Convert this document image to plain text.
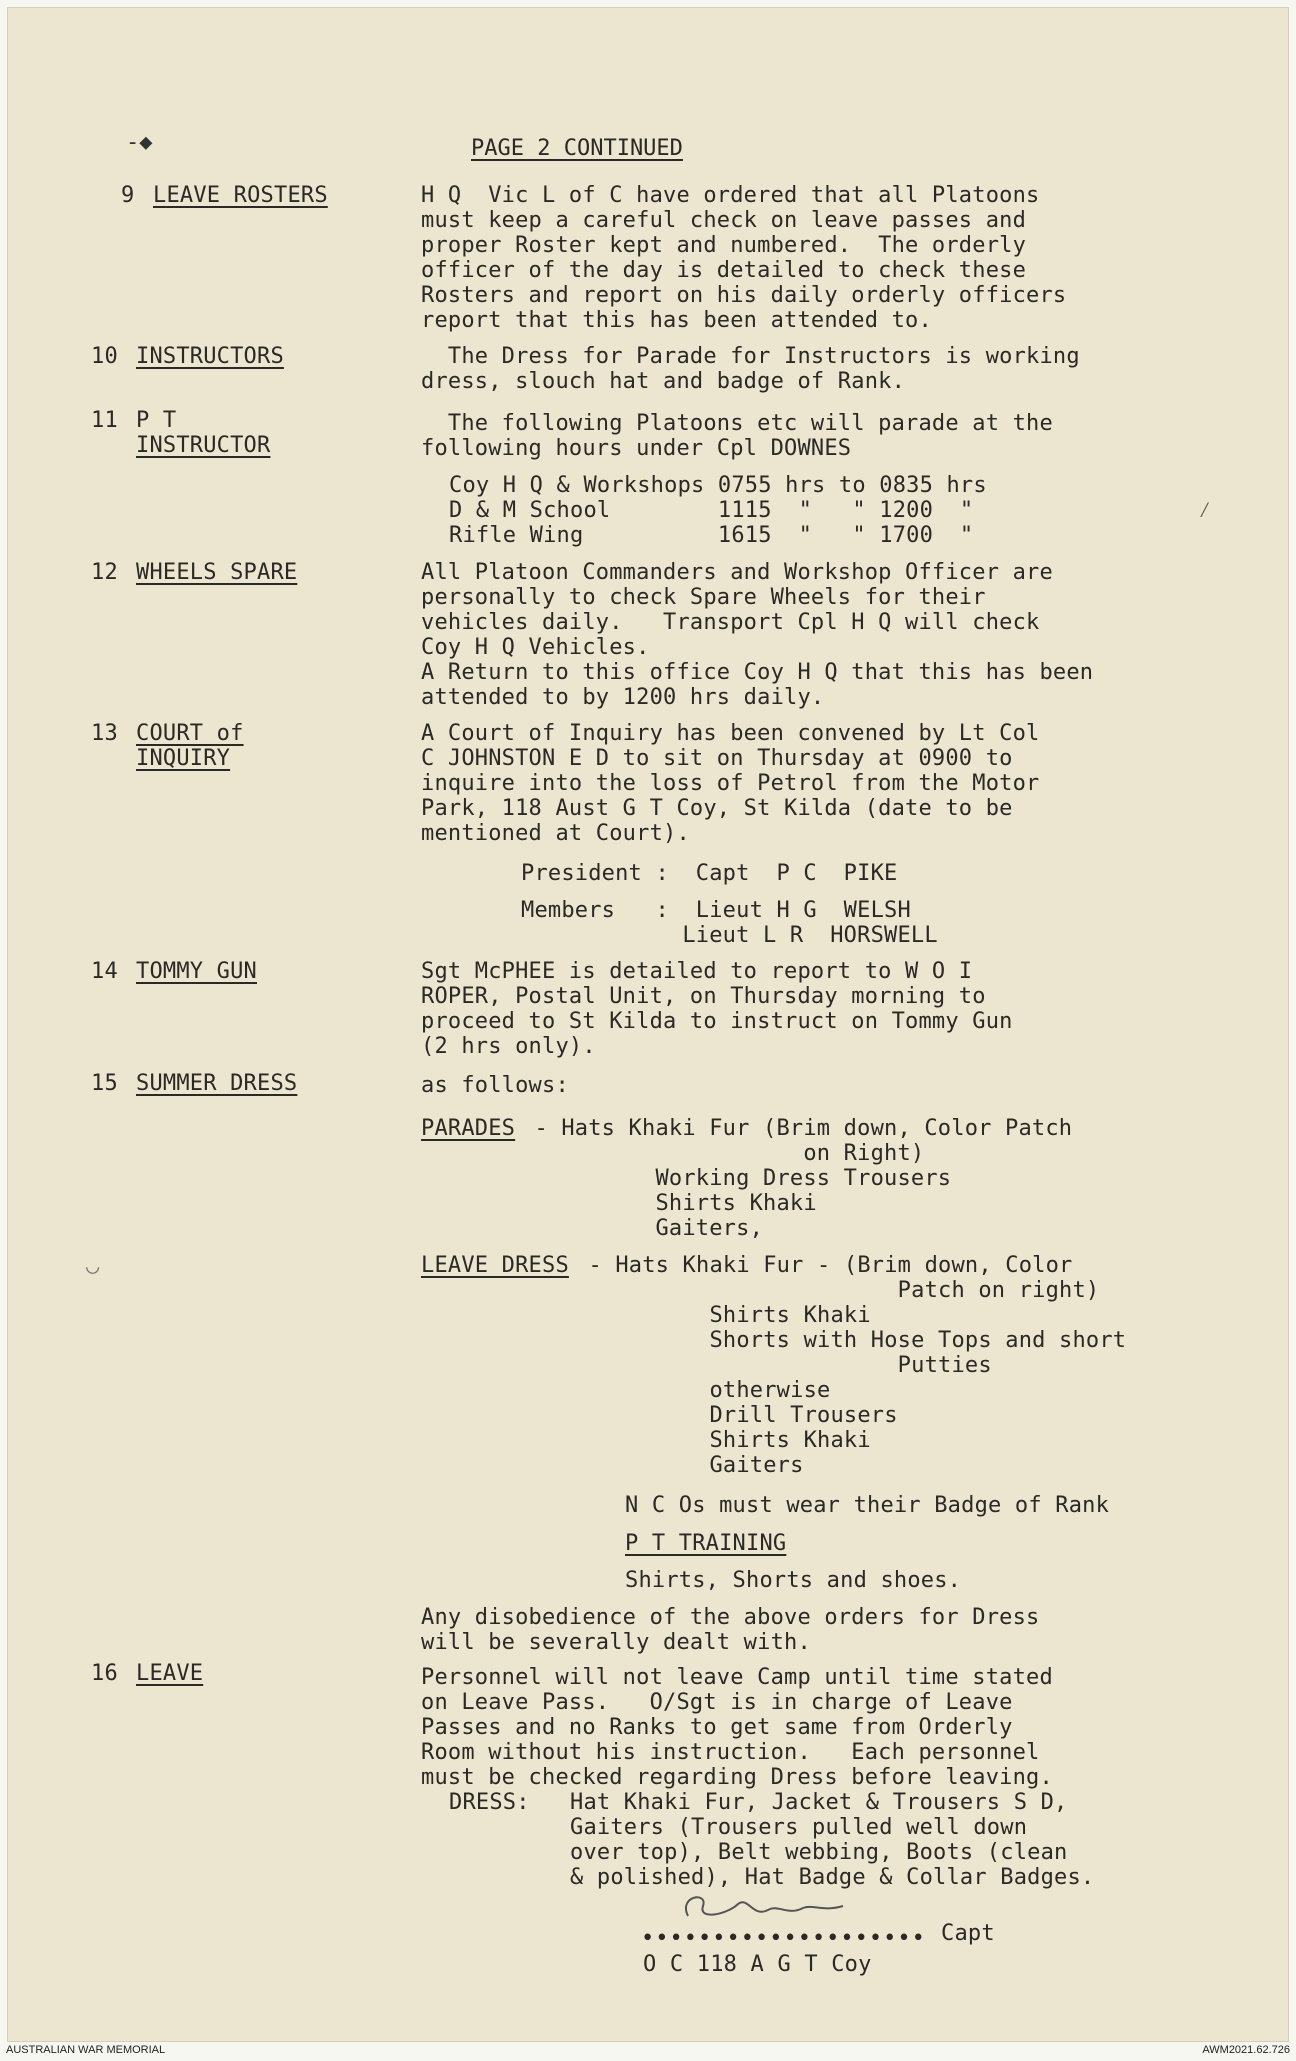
-◆	PAGE 2 CONTINUED
9 LEAVE ROSTERS	H Q  Vic L of C have ordered that all Platoons
must keep a careful check on leave passes and
proper Roster kept and numbered.  The orderly
officer of the day is detailed to check these
Rosters and report on his daily orderly officers
report that this has been attended to.
10 INSTRUCTORS	The Dress for Parade for Instructors is working
dress, slouch hat and badge of Rank.
11 P T
INSTRUCTOR
The following Platoons etc will parade at the
following hours under Cpl DOWNES
Coy H Q & Workshops 0755 hrs to 0835 hrs
D & M School        1115  "   " 1200  "
Rifle Wing          1615  "   " 1700  "
12 WHEELS SPARE	All Platoon Commanders and Workshop Officer are
personally to check Spare Wheels for their
vehicles daily.   Transport Cpl H Q will check
Coy H Q Vehicles.
A Return to this office Coy H Q that this has been
attended to by 1200 hrs daily.
13 COURT of
INQUIRY
A Court of Inquiry has been convened by Lt Col
C JOHNSTON E D to sit on Thursday at 0900 to
inquire into the loss of Petrol from the Motor
Park, 118 Aust G T Coy, St Kilda (date to be
mentioned at Court).
President :  Capt  P C  PIKE
Members   :  Lieut H G  WELSH
Lieut L R  HORSWELL
14 TOMMY GUN	Sgt McPHEE is detailed to report to W O I
ROPER, Postal Unit, on Thursday morning to
proceed to St Kilda to instruct on Tommy Gun
(2 hrs only).
15 SUMMER DRESS	as follows:
PARADES - Hats Khaki Fur (Brim down, Color Patch
on Right)
Working Dress Trousers
Shirts Khaki
Gaiters,
LEAVE DRESS - Hats Khaki Fur - (Brim down, Color
Patch on right)
Shirts Khaki
Shorts with Hose Tops and short
Putties
otherwise
Drill Trousers
Shirts Khaki
Gaiters
N C Os must wear their Badge of Rank
P T TRAINING
Shirts, Shorts and shoes.
Any disobedience of the above orders for Dress
will be severally dealt with.
16 LEAVE	Personnel will not leave Camp until time stated
on Leave Pass.   O/Sgt is in charge of Leave
Passes and no Ranks to get same from Orderly
Room without his instruction.   Each personnel
must be checked regarding Dress before leaving.
DRESS:   Hat Khaki Fur, Jacket & Trousers S D,
Gaiters (Trousers pulled well down
over top), Belt webbing, Boots (clean
& polished), Hat Badge & Collar Badges.
•••••••••••••••••••• Capt
O C 118 A G T Coy
◡
⁄
AUSTRALIAN WAR MEMORIAL	AWM2021.62.726
